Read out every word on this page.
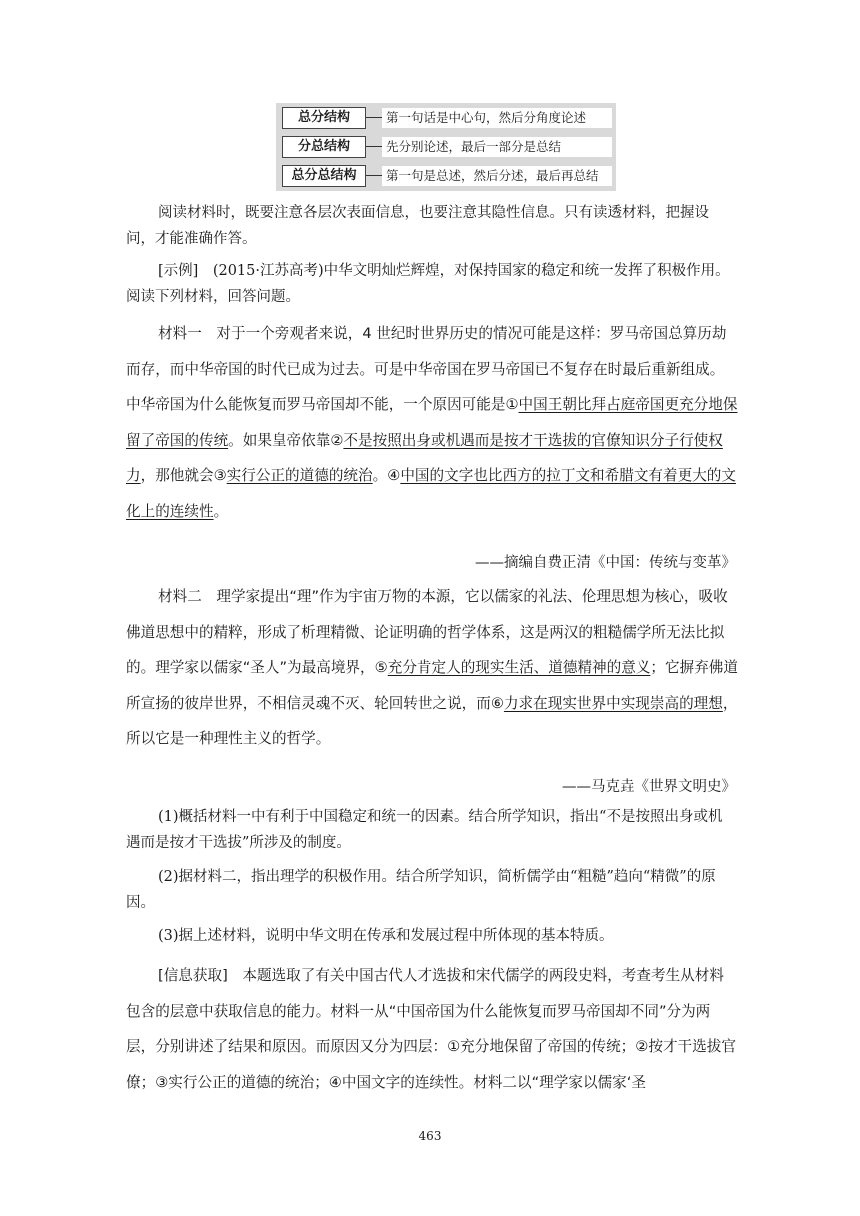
总分结构	第一句话是中心句，然后分角度论述
分总结构	先分别论述，最后一部分是总结
总分总结构	第一句是总述，然后分述，最后再总结
阅读材料时，既要注意各层次表面信息，也要注意其隐性信息。只有读透材料，把握设问，才能准确作答。
[示例]　(2015·江苏高考)中华文明灿烂辉煌，对保持国家的稳定和统一发挥了积极作用。阅读下列材料，回答问题。
材料一　对于一个旁观者来说，4 世纪时世界历史的情况可能是这样：罗马帝国总算历劫而存，而中华帝国的时代已成为过去。可是中华帝国在罗马帝国已不复存在时最后重新组成。中华帝国为什么能恢复而罗马帝国却不能，一个原因可能是①中国王朝比拜占庭帝国更充分地保留了帝国的传统。如果皇帝依靠②不是按照出身或机遇而是按才干选拔的官僚知识分子行使权力，那他就会③实行公正的道德的统治。④中国的文字也比西方的拉丁文和希腊文有着更大的文化上的连续性。
——摘编自费正清《中国：传统与变革》
材料二　理学家提出“理”作为宇宙万物的本源，它以儒家的礼法、伦理思想为核心，吸收佛道思想中的精粹，形成了析理精微、论证明确的哲学体系，这是两汉的粗糙儒学所无法比拟的。理学家以儒家“圣人”为最高境界，⑤充分肯定人的现实生活、道德精神的意义；它摒弃佛道所宣扬的彼岸世界，不相信灵魂不灭、轮回转世之说，而⑥力求在现实世界中实现崇高的理想，所以它是一种理性主义的哲学。
——马克垚《世界文明史》
(1)概括材料一中有利于中国稳定和统一的因素。结合所学知识，指出“不是按照出身或机遇而是按才干选拔”所涉及的制度。
(2)据材料二，指出理学的积极作用。结合所学知识，简析儒学由“粗糙”趋向“精微”的原因。
(3)据上述材料，说明中华文明在传承和发展过程中所体现的基本特质。
[信息获取]　本题选取了有关中国古代人才选拔和宋代儒学的两段史料，考查考生从材料包含的层意中获取信息的能力。材料一从“中国帝国为什么能恢复而罗马帝国却不同”分为两层，分别讲述了结果和原因。而原因又分为四层：①充分地保留了帝国的传统；②按才干选拔官僚；③实行公正的道德的统治；④中国文字的连续性。材料二以“理学家以儒家‘圣
463
